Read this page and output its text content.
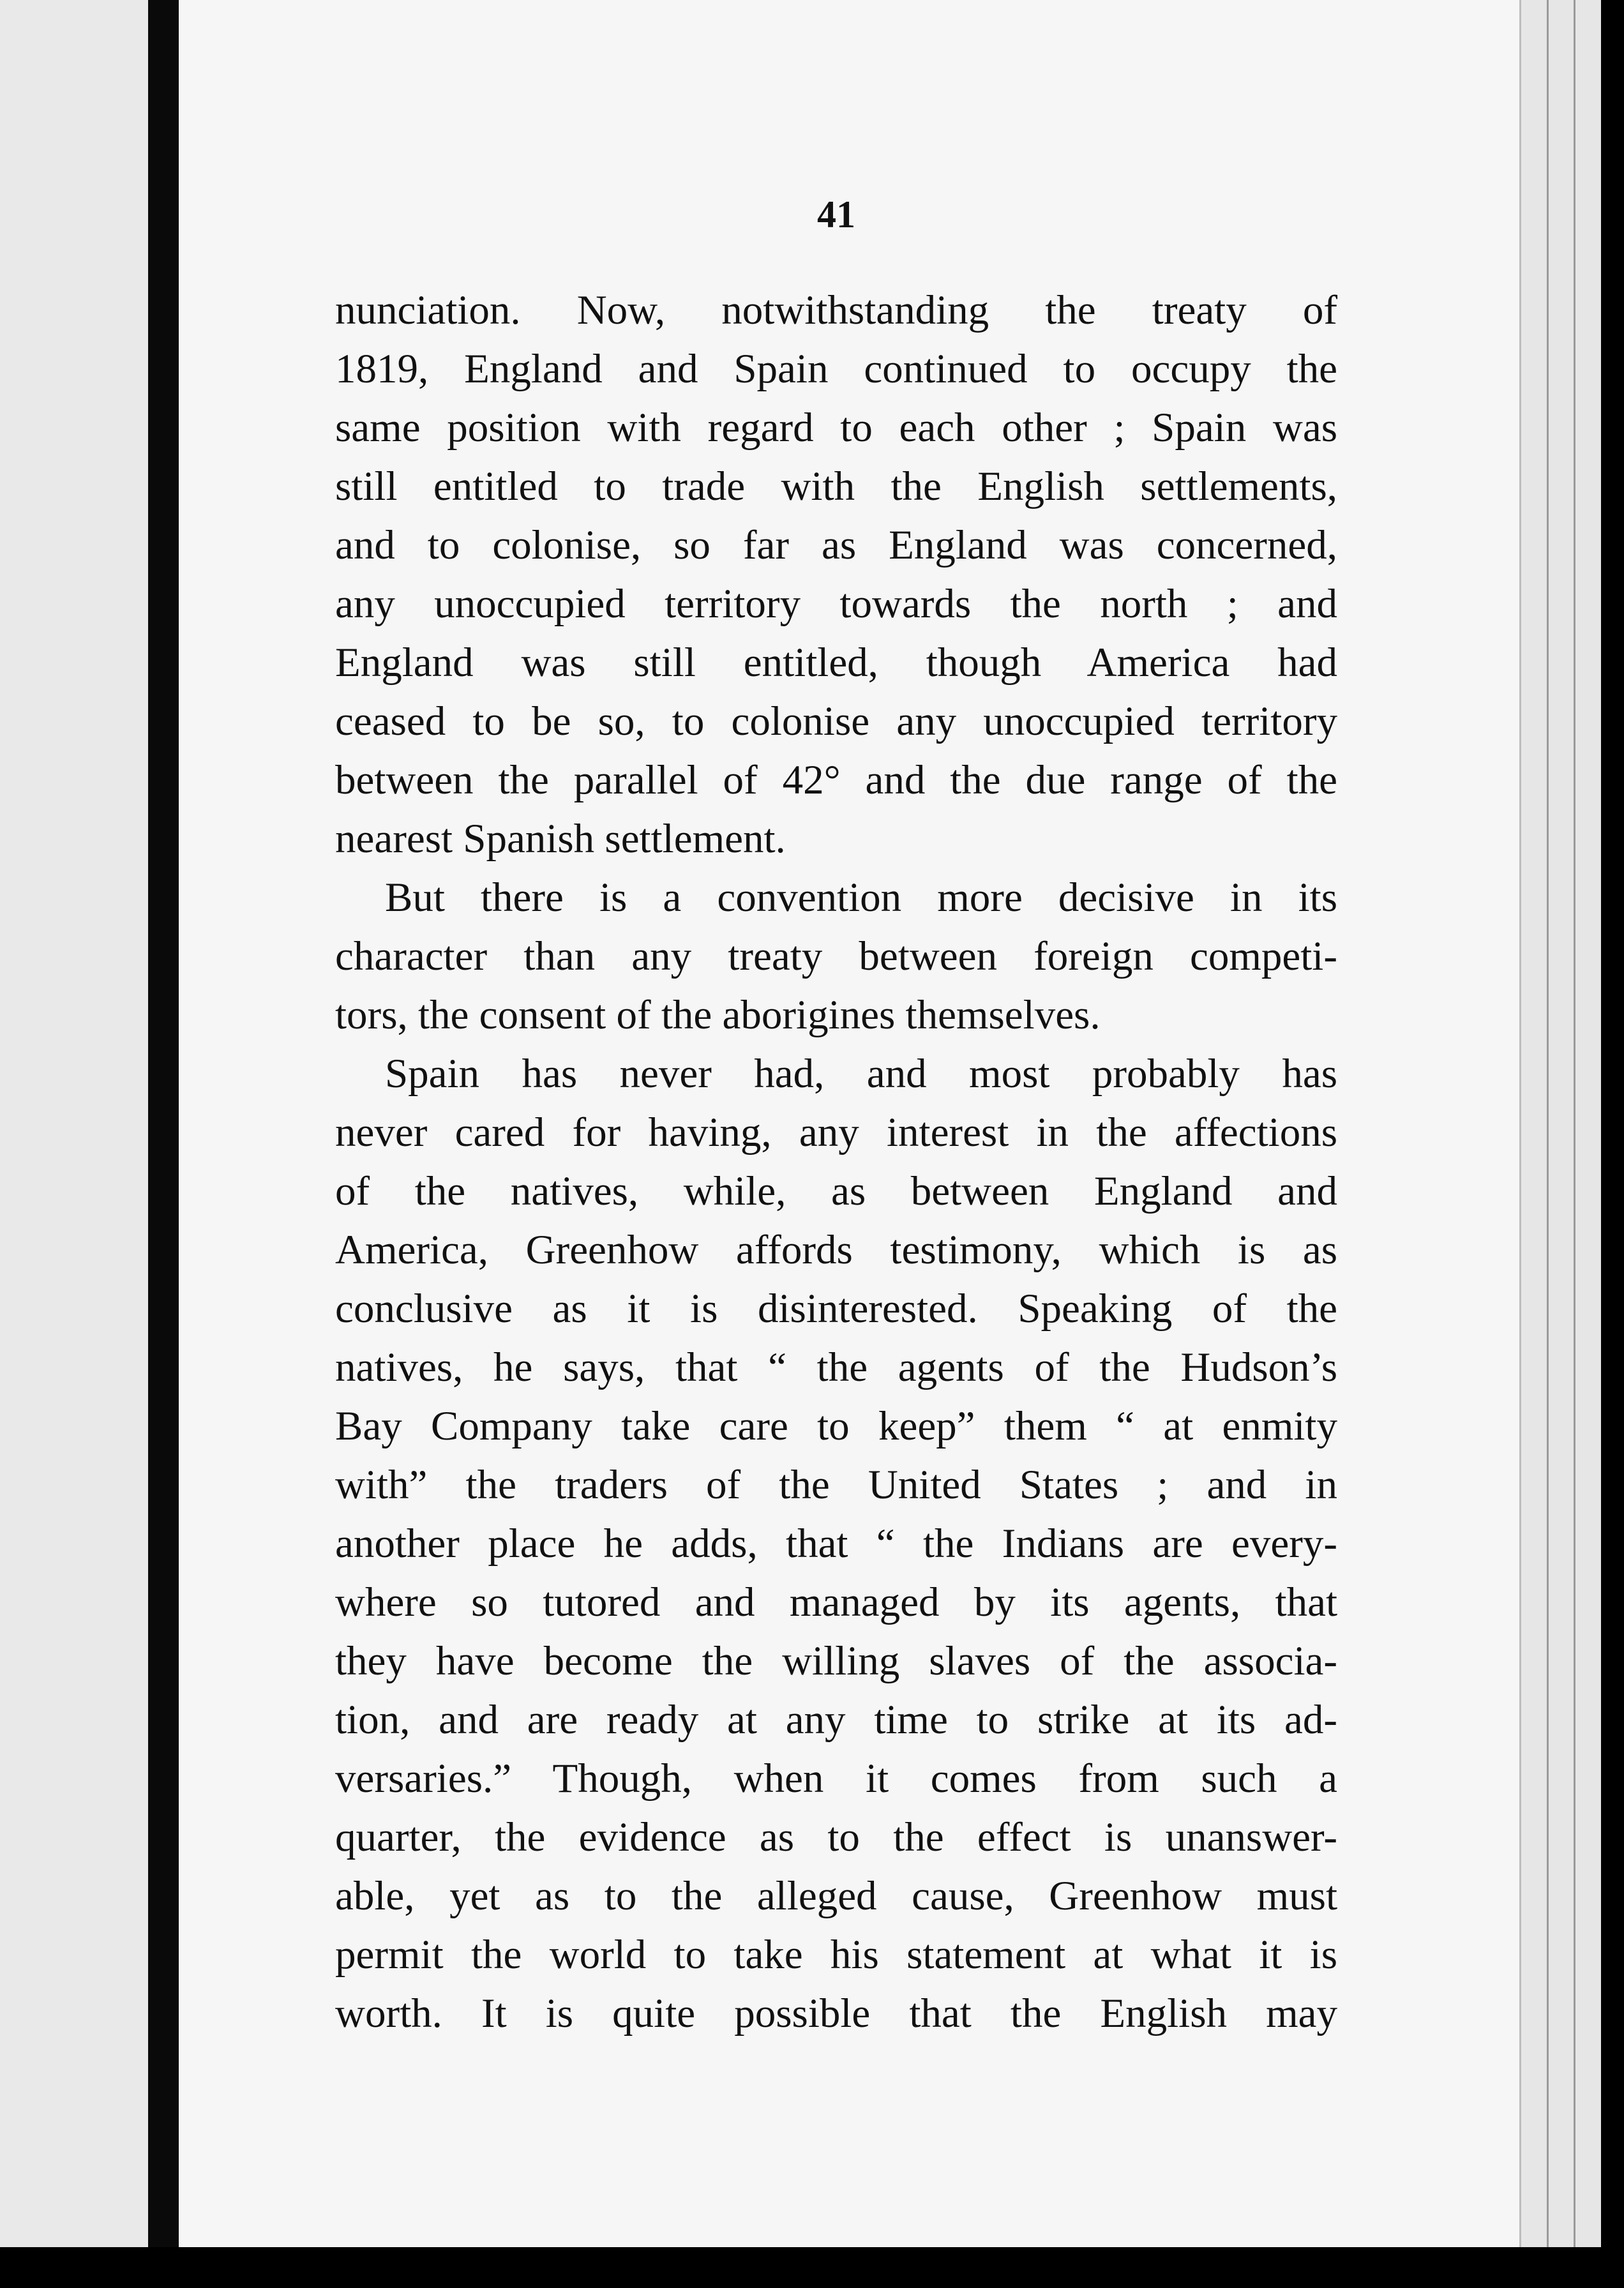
41
nunciation. Now, notwithstanding the treaty of
1819, England and Spain continued to occupy the
same position with regard to each other ; Spain was
still entitled to trade with the English settlements,
and to colonise, so far as England was concerned,
any unoccupied territory towards the north ; and
England was still entitled, though America had
ceased to be so, to colonise any unoccupied territory
between the parallel of 42° and the due range of the
nearest Spanish settlement.
But there is a convention more decisive in its
character than any treaty between foreign competi-
tors, the consent of the aborigines themselves.
Spain has never had, and most probably has
never cared for having, any interest in the affections
of the natives, while, as between England and
America, Greenhow affords testimony, which is as
conclusive as it is disinterested. Speaking of the
natives, he says, that “ the agents of the Hudson’s
Bay Company take care to keep” them “ at enmity
with” the traders of the United States ; and in
another place he adds, that “ the Indians are every-
where so tutored and managed by its agents, that
they have become the willing slaves of the associa-
tion, and are ready at any time to strike at its ad-
versaries.” Though, when it comes from such a
quarter, the evidence as to the effect is unanswer-
able, yet as to the alleged cause, Greenhow must
permit the world to take his statement at what it is
worth. It is quite possible that the English may
